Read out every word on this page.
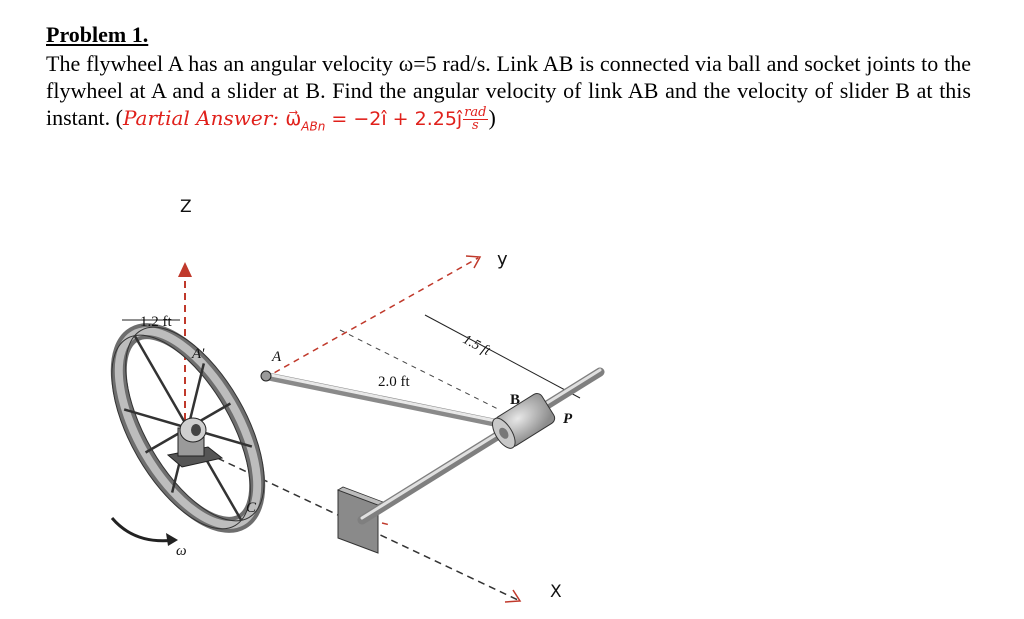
Problem 1.

The flywheel A has an angular velocity ω=5 rad/s. Link AB is connected via ball and socket joints to the flywheel at A and a slider at B. Find the angular velocity of link AB and the velocity of slider B at this instant. (Partial Answer: $\omega⃗_{ABn}$ = −2î + 2.25ĵ $\frac{\text{rad}}{s}$ )

Z
y
X
1.2 ft
1.5 ft
2.0 ft
A
A'
B
C
P
ω
